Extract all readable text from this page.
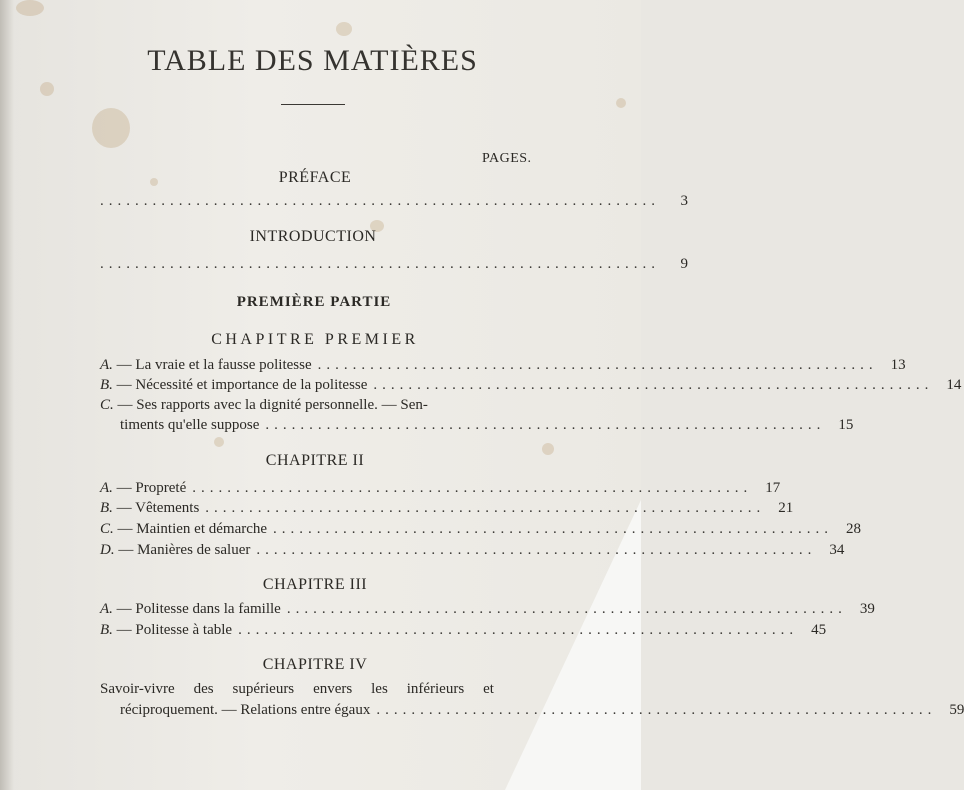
TABLE DES MATIÈRES
PAGES.
PRÉFACE
................................................................	3
INTRODUCTION
................................................................	9
PREMIÈRE PARTIE
CHAPITRE PREMIER
A. — La vraie et la fausse politesse ................................................................ 13
B. — Nécessité et importance de la politesse ................................................................ 14
C. — Ses rapports avec la dignité personnelle. — Sen-
timents qu'elle suppose ................................................................ 15
CHAPITRE II
A. — Propreté ................................................................ 17
B. — Vêtements ................................................................ 21
C. — Maintien et démarche ................................................................ 28
D. — Manières de saluer ................................................................ 34
CHAPITRE III
A. — Politesse dans la famille ................................................................ 39
B. — Politesse à table ................................................................ 45
CHAPITRE IV
Savoir-vivre des supérieurs envers les inférieurs et
réciproquement. — Relations entre égaux ................................................................ 59
